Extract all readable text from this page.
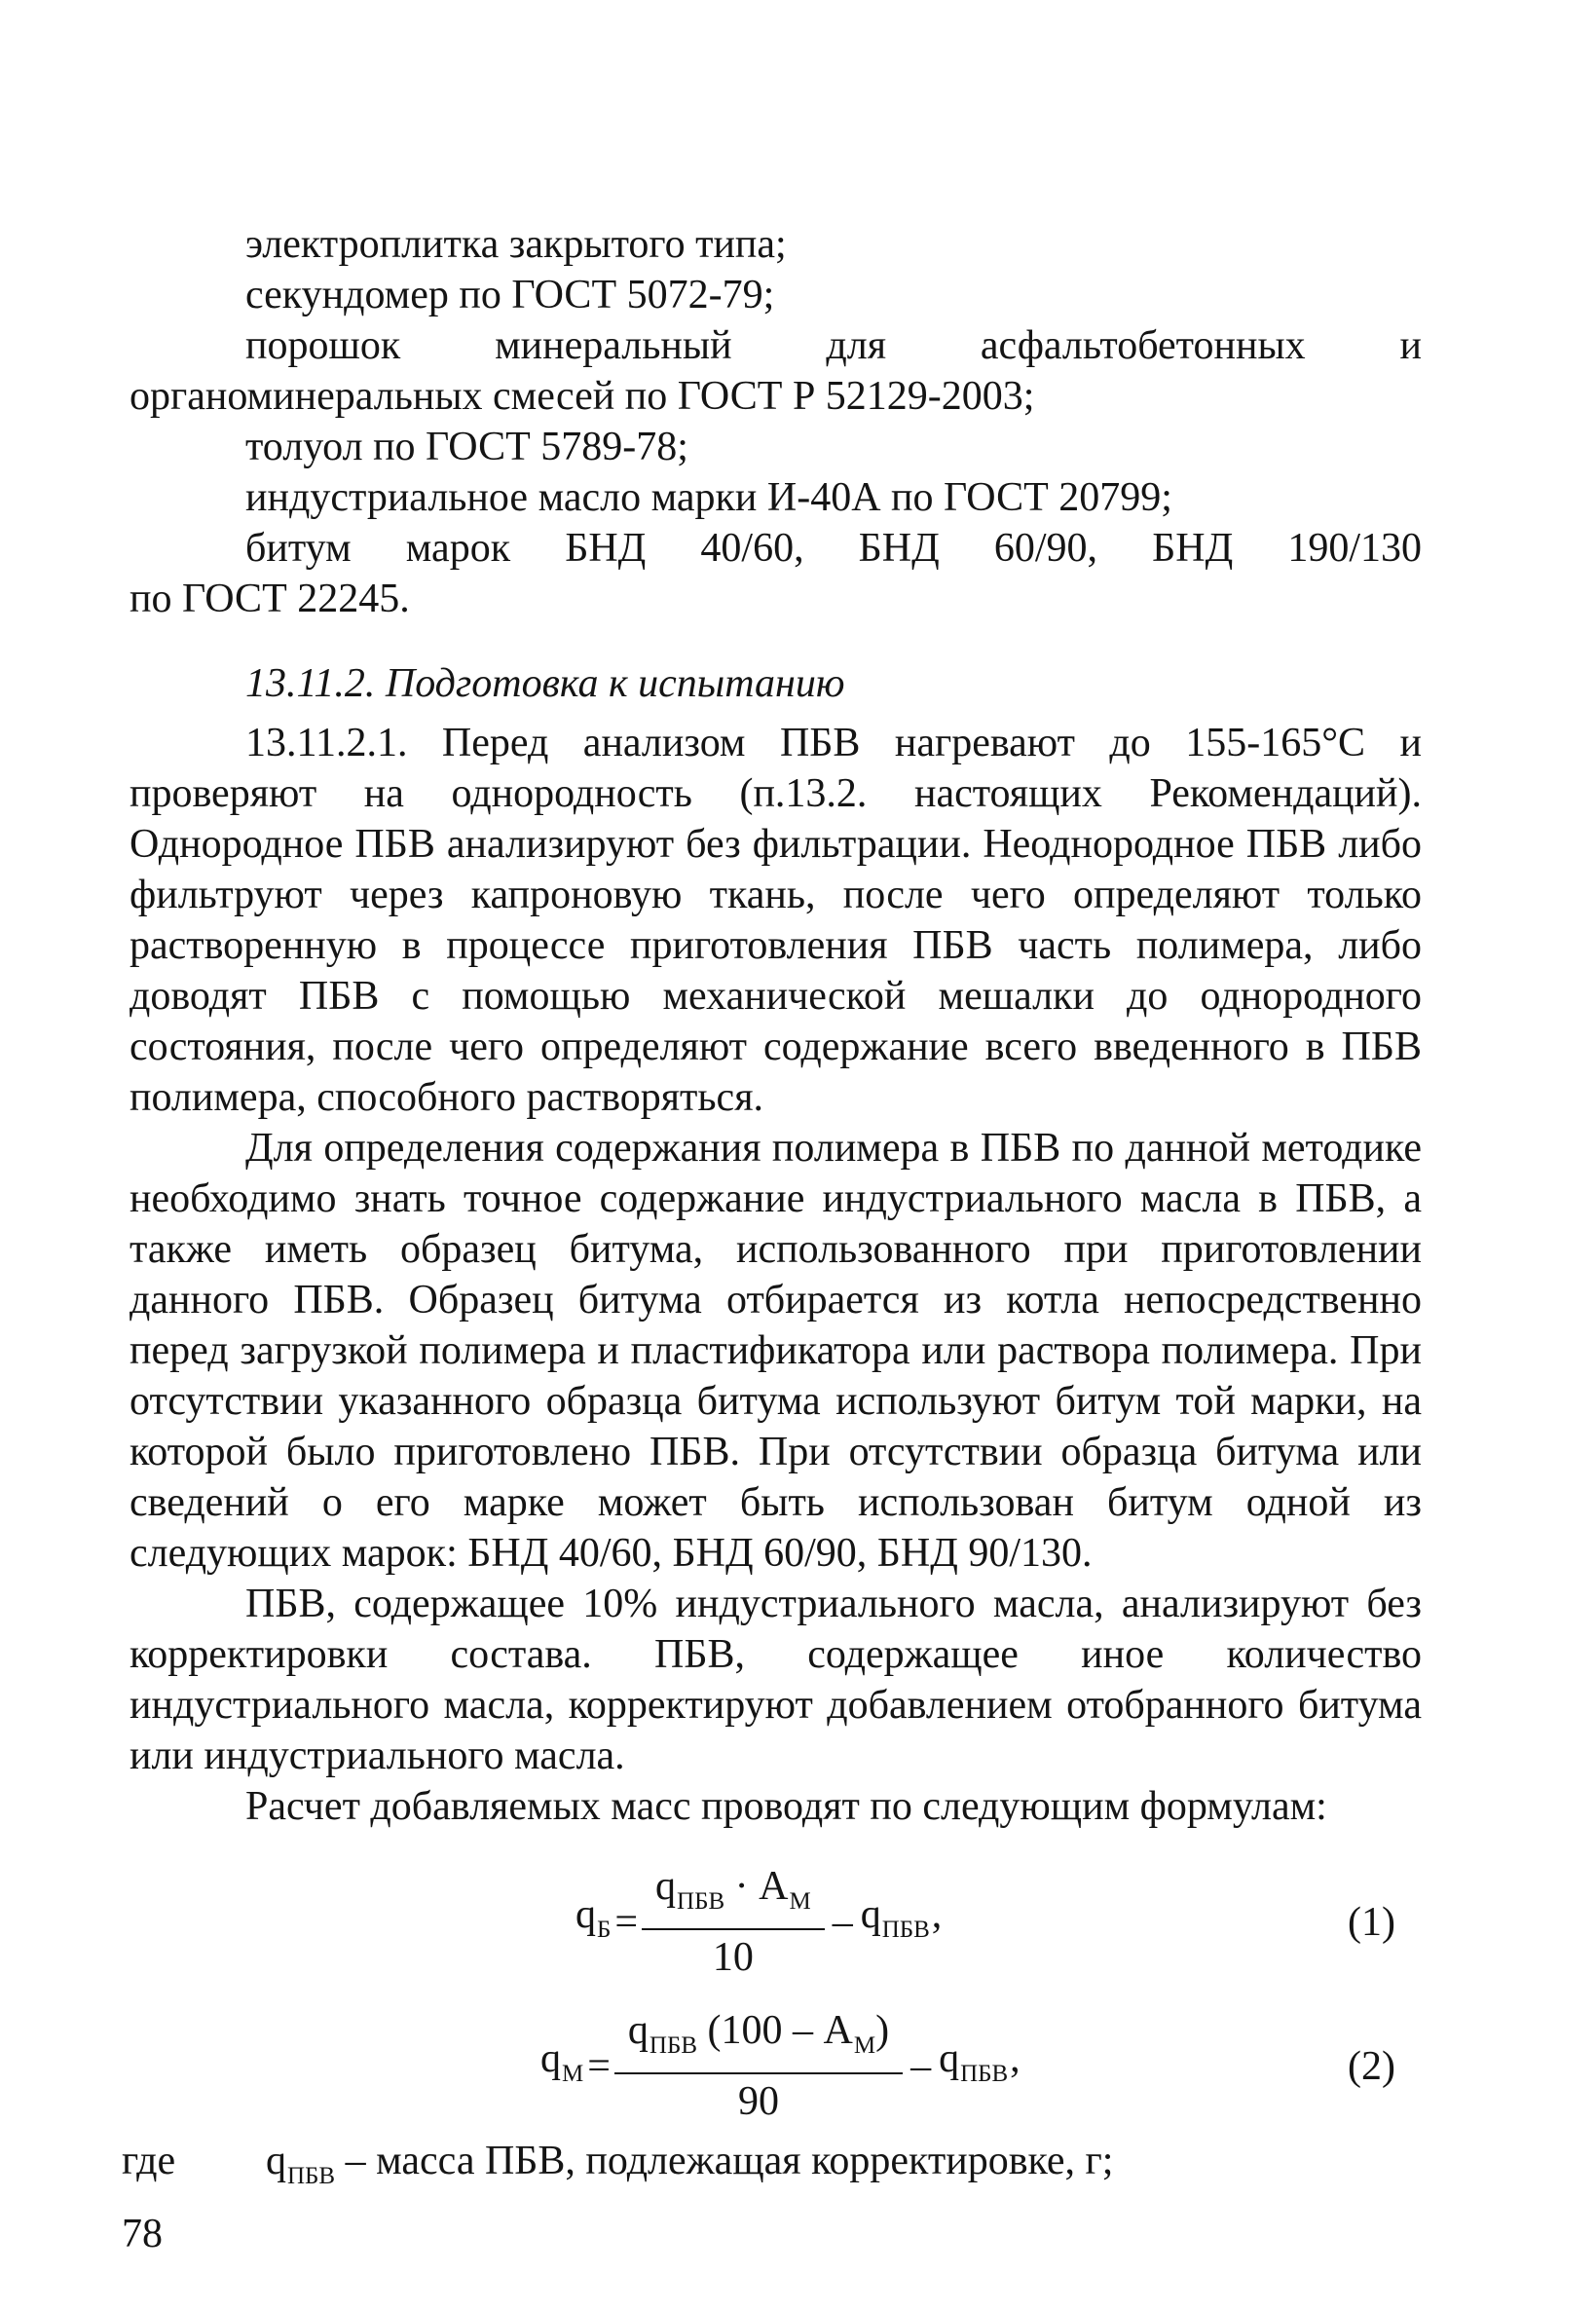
электроплитка закрытого типа;

секундомер по ГОСТ 5072-79;

порошок минеральный для асфальтобетонных и

органоминеральных смесей по ГОСТ Р 52129-2003;

толуол по ГОСТ 5789-78;

индустриальное масло марки И-40А по ГОСТ 20799;

битум марок БНД 40/60, БНД 60/90, БНД 190/130

по ГОСТ 22245.

13.11.2. Подготовка к испытанию

13.11.2.1. Перед анализом ПБВ нагревают до 155-165°С и проверяют на однородность (п.13.2. настоящих Рекомендаций). Однородное ПБВ анализируют без фильтрации. Неоднородное ПБВ либо фильтруют через капроновую ткань, после чего определяют только растворенную в процессе приготовления ПБВ часть полимера, либо доводят ПБВ с помощью механической мешалки до однородного состояния, после чего определяют содержание всего введенного в ПБВ полимера, способного растворяться.

Для определения содержания полимера в ПБВ по данной методике необходимо знать точное содержание индустриального масла в ПБВ, а также иметь образец битума, использованного при приготовлении данного ПБВ. Образец битума отбирается из котла непосредственно перед загрузкой полимера и пластификатора или раствора полимера. При отсутствии указанного образца битума используют битум той марки, на которой было приготовлено ПБВ. При отсутствии образца битума или сведений о его марке может быть использован битум одной из следующих марок: БНД 40/60, БНД 60/90, БНД 90/130.

ПБВ, содержащее 10% индустриального масла, анализируют без корректировки состава. ПБВ, содержащее иное количество индустриального масла, корректируют добавлением отобранного битума или индустриального масла.

Расчет добавляемых масс проводят по следующим формулам:

$q_Б = \frac{q_{ПБВ} \cdot A_М}{10} - q_{ПБВ}$,	(1)
$q_М = \frac{q_{ПБВ} (100 - A_М)}{90} - q_{ПБВ}$,	(2)
где $q_{ПБВ}$ – масса ПБВ, подлежащая корректировке, г;
78
